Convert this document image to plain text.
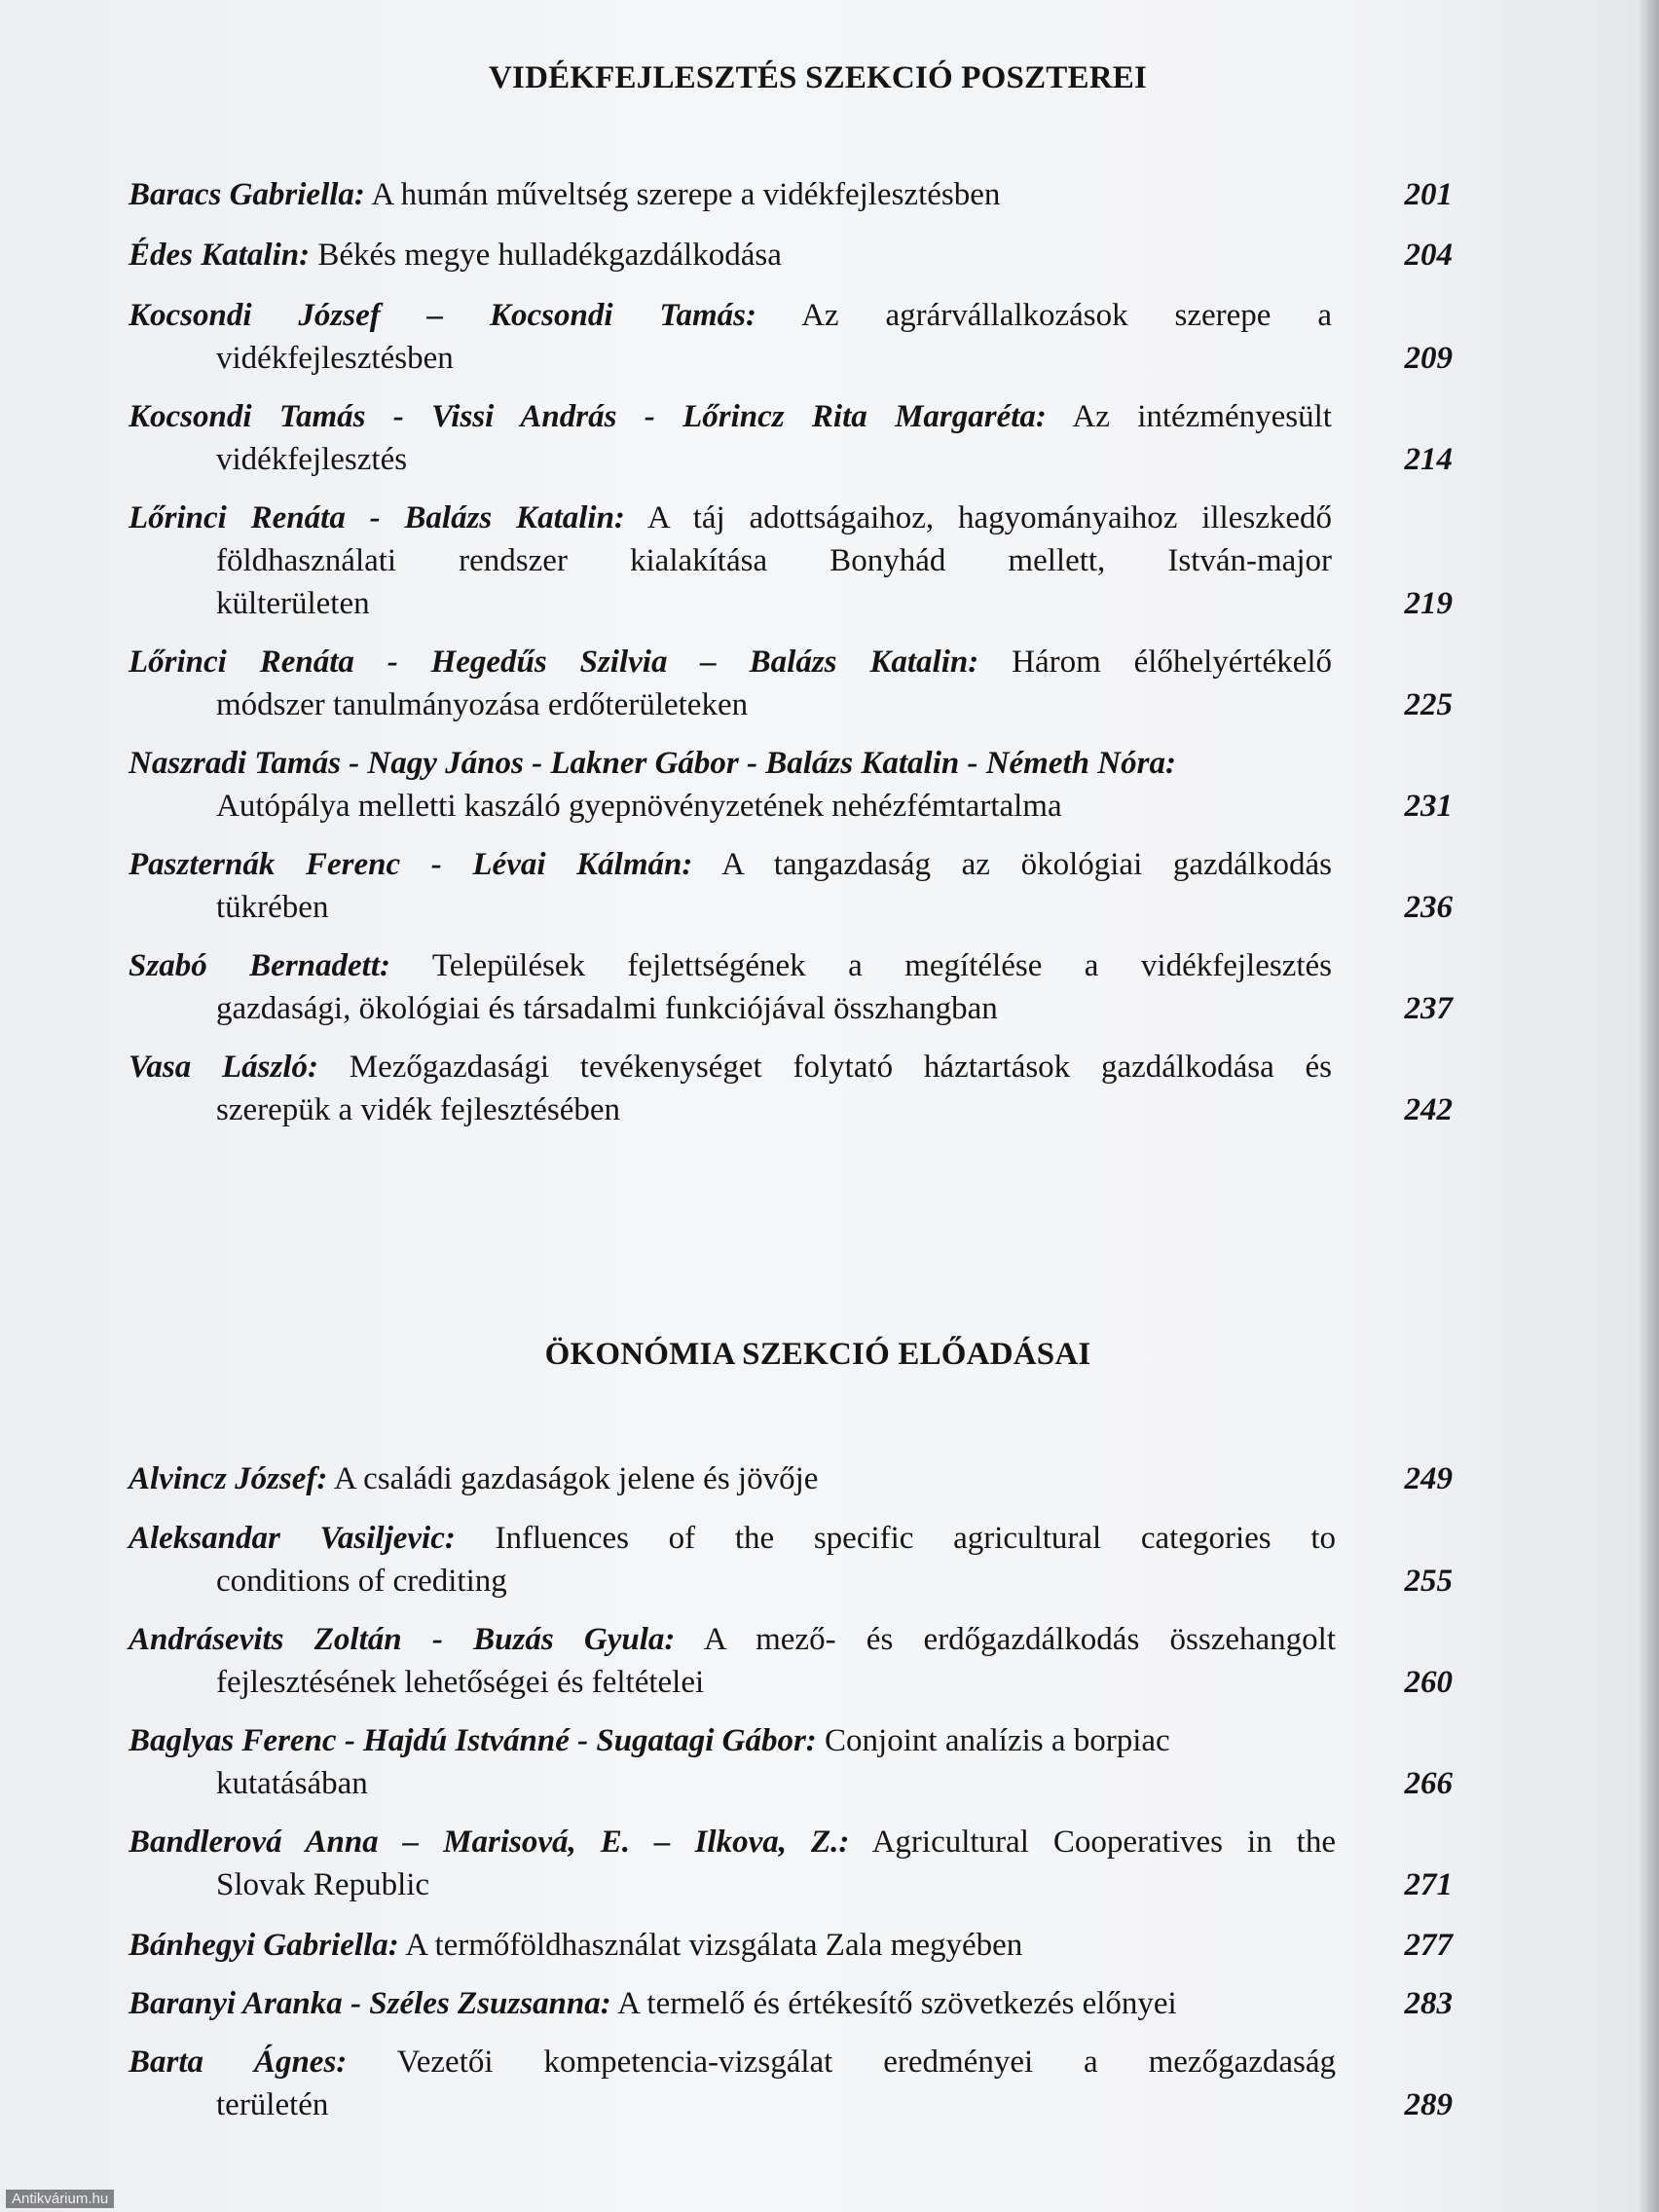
VIDÉKFEJLESZTÉS SZEKCIÓ POSZTEREI
Baracs Gabriella: A humán műveltség szerepe a vidékfejlesztésben	201
Édes Katalin: Békés megye hulladékgazdálkodása	204
Kocsondi József – Kocsondi Tamás: Az agrárvállalkozások szerepe a
vidékfejlesztésben	209
Kocsondi Tamás - Vissi András - Lőrincz Rita Margaréta: Az intézményesült
vidékfejlesztés	214
Lőrinci Renáta - Balázs Katalin: A táj adottságaihoz, hagyományaihoz illeszkedő
földhasználati rendszer kialakítása Bonyhád mellett, István-major
külterületen	219
Lőrinci Renáta - Hegedűs Szilvia – Balázs Katalin: Három élőhelyértékelő
módszer tanulmányozása erdőterületeken	225
Naszradi Tamás - Nagy János - Lakner Gábor - Balázs Katalin - Németh Nóra:
Autópálya melletti kaszáló gyepnövényzetének nehézfémtartalma	231
Paszternák Ferenc - Lévai Kálmán: A tangazdaság az ökológiai gazdálkodás
tükrében	236
Szabó Bernadett: Települések fejlettségének a megítélése a vidékfejlesztés
gazdasági, ökológiai és társadalmi funkciójával összhangban	237
Vasa László: Mezőgazdasági tevékenységet folytató háztartások gazdálkodása és
szerepük a vidék fejlesztésében	242
ÖKONÓMIA SZEKCIÓ ELŐADÁSAI
Alvincz József: A családi gazdaságok jelene és jövője	249
Aleksandar Vasiljevic: Influences of the specific agricultural categories to
conditions of crediting	255
Andrásevits Zoltán - Buzás Gyula: A mező- és erdőgazdálkodás összehangolt
fejlesztésének lehetőségei és feltételei	260
Baglyas Ferenc - Hajdú Istvánné - Sugatagi Gábor: Conjoint analízis a borpiac
kutatásában	266
Bandlerová Anna – Marisová, E. – Ilkova, Z.: Agricultural Cooperatives in the
Slovak Republic	271
Bánhegyi Gabriella: A termőföldhasználat vizsgálata Zala megyében	277
Baranyi Aranka - Széles Zsuzsanna: A termelő és értékesítő szövetkezés előnyei	283
Barta Ágnes: Vezetői kompetencia-vizsgálat eredményei a mezőgazdaság
területén	289
Antikvárium.hu
